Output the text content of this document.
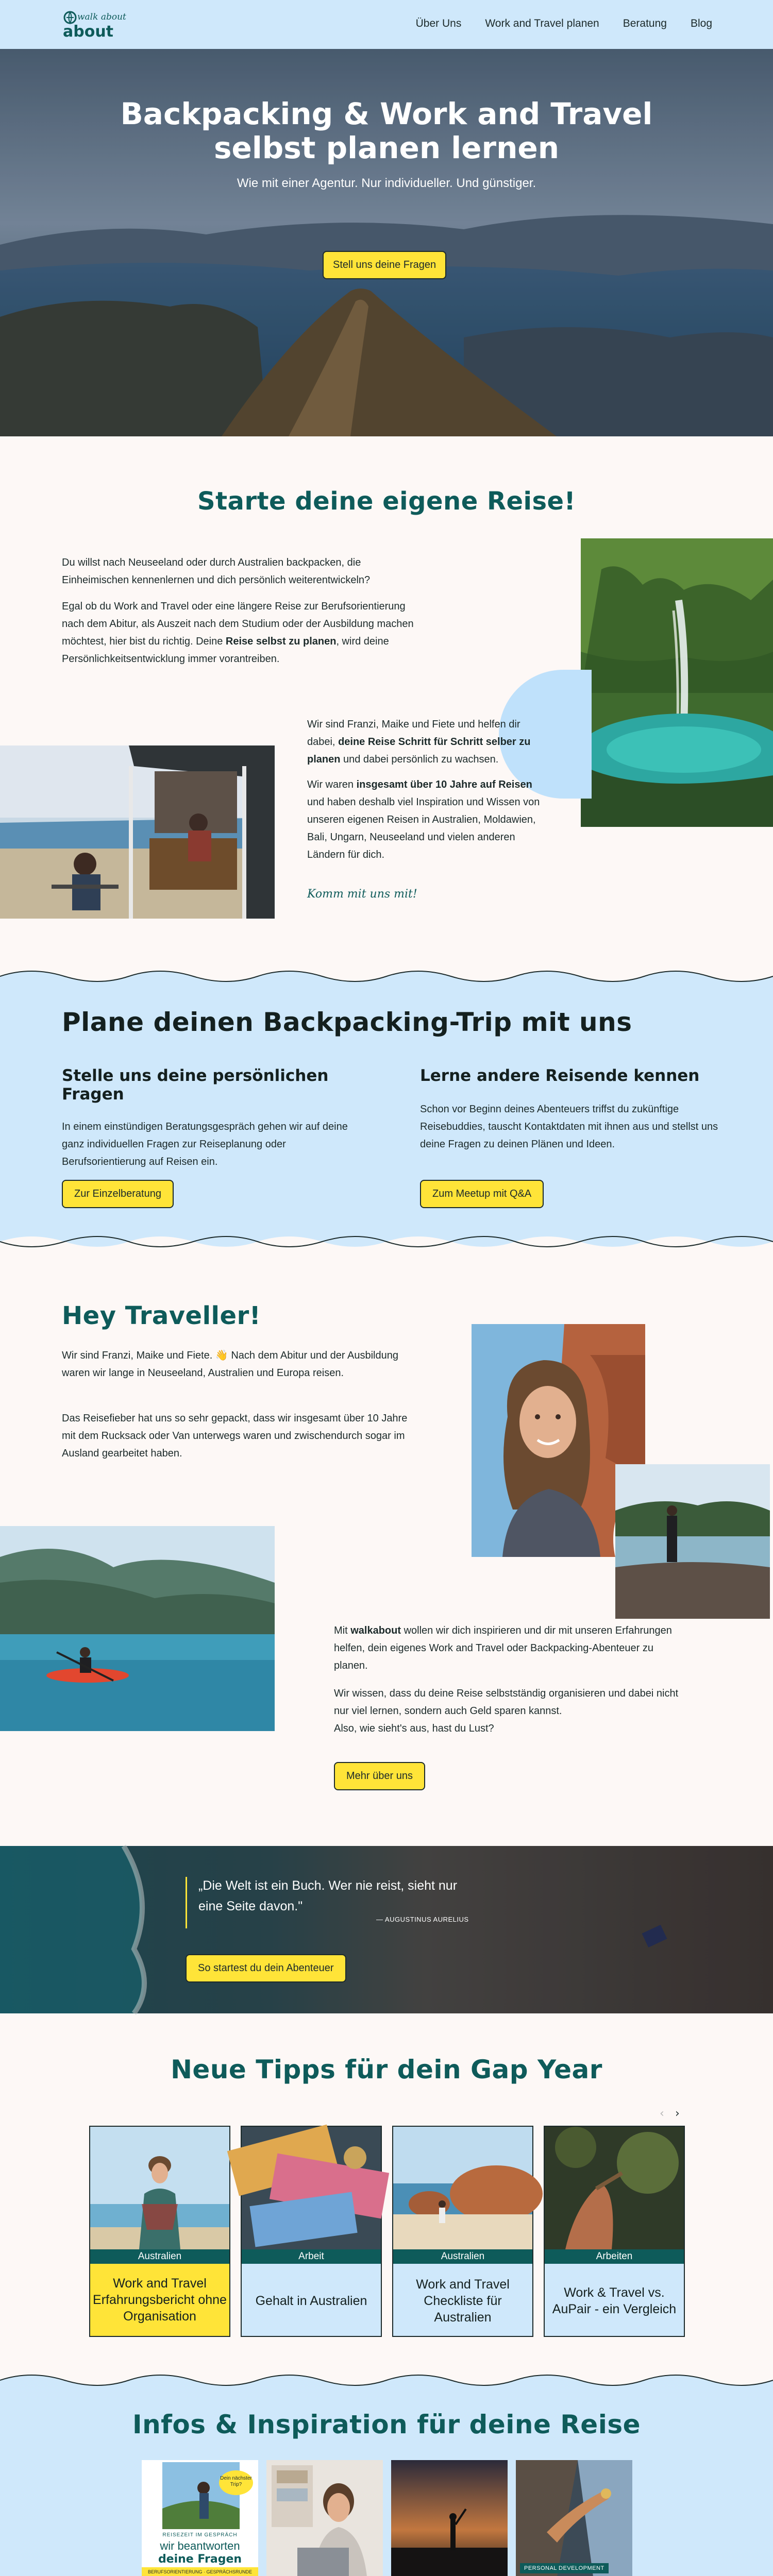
walk about
about	Über Uns Work and Travel planen Beratung Blog
Backpacking & Work and Travel
selbst planen lernen
Wie mit einer Agentur. Nur individueller. Und günstiger.
Stell uns deine Fragen
Starte deine eigene Reise!

Du willst nach Neuseeland oder durch Australien backpacken, die Einheimischen kennenlernen und dich persönlich weiterentwickeln?

Egal ob du Work and Travel oder eine längere Reise zur Berufsorientierung nach dem Abitur, als Auszeit nach dem Studium oder der Ausbildung machen möchtest, hier bist du richtig. Deine Reise selbst zu planen, wird deine Persönlichkeitsentwicklung immer vorantreiben.

Wir sind Franzi, Maike und Fiete und helfen dir dabei, deine Reise Schritt für Schritt selber zu planen und dabei persönlich zu wachsen.

Wir waren insgesamt über 10 Jahre auf Reisen und haben deshalb viel Inspiration und Wissen von unseren eigenen Reisen in Australien, Moldawien, Bali, Ungarn, Neuseeland und vielen anderen Ländern für dich.

Komm mit uns mit!
Plane deinen Backpacking-Trip mit uns
Stelle uns deine persönlichen
Fragen

In einem einstündigen Beratungsgespräch gehen wir auf deine ganz individuellen Fragen zur Reiseplanung oder Berufsorientierung auf Reisen ein.

Zur Einzelberatung
Lerne andere Reisende kennen

Schon vor Beginn deines Abenteuers triffst du zukünftige Reisebuddies, tauscht Kontaktdaten mit ihnen aus und stellst uns deine Fragen zu deinen Plänen und Ideen.

Zum Meetup mit Q&A
Hey Traveller!

Wir sind Franzi, Maike und Fiete. 👋 Nach dem Abitur und der Ausbildung waren wir lange in Neuseeland, Australien und Europa reisen.

Das Reisefieber hat uns so sehr gepackt, dass wir insgesamt über 10 Jahre mit dem Rucksack oder Van unterwegs waren und zwischendurch sogar im Ausland gearbeitet haben.

Mit walkabout wollen wir dich inspirieren und dir mit unseren Erfahrungen helfen, dein eigenes Work and Travel oder Backpacking-Abenteuer zu planen.

Wir wissen, dass du deine Reise selbstständig organisieren und dabei nicht nur viel lernen, sondern auch Geld sparen kannst.

Also, wie sieht's aus, hast du Lust?

Mehr über uns
„Die Welt ist ein Buch. Wer nie reist, sieht nur eine Seite davon."
— AUGUSTINUS AURELIUS
So startest du dein Abenteuer
Neue Tipps für dein Gap Year
‹ ›
Australien
Work and Travel Erfahrungsbericht ohne Organisation
Arbeit
Gehalt in Australien
Australien
Work and Travel Checkliste für Australien
Arbeiten
Work & Travel vs. AuPair - ein Vergleich
Infos & Inspiration für deine Reise
Dein nächster Trip?
REISEZEIT IM GESPRÄCH
wir beantworten
deine Fragen
BERUFSORIENTIERUNG · GESPRÄCHSRUNDE
PERSONAL DEVELOPMENT
